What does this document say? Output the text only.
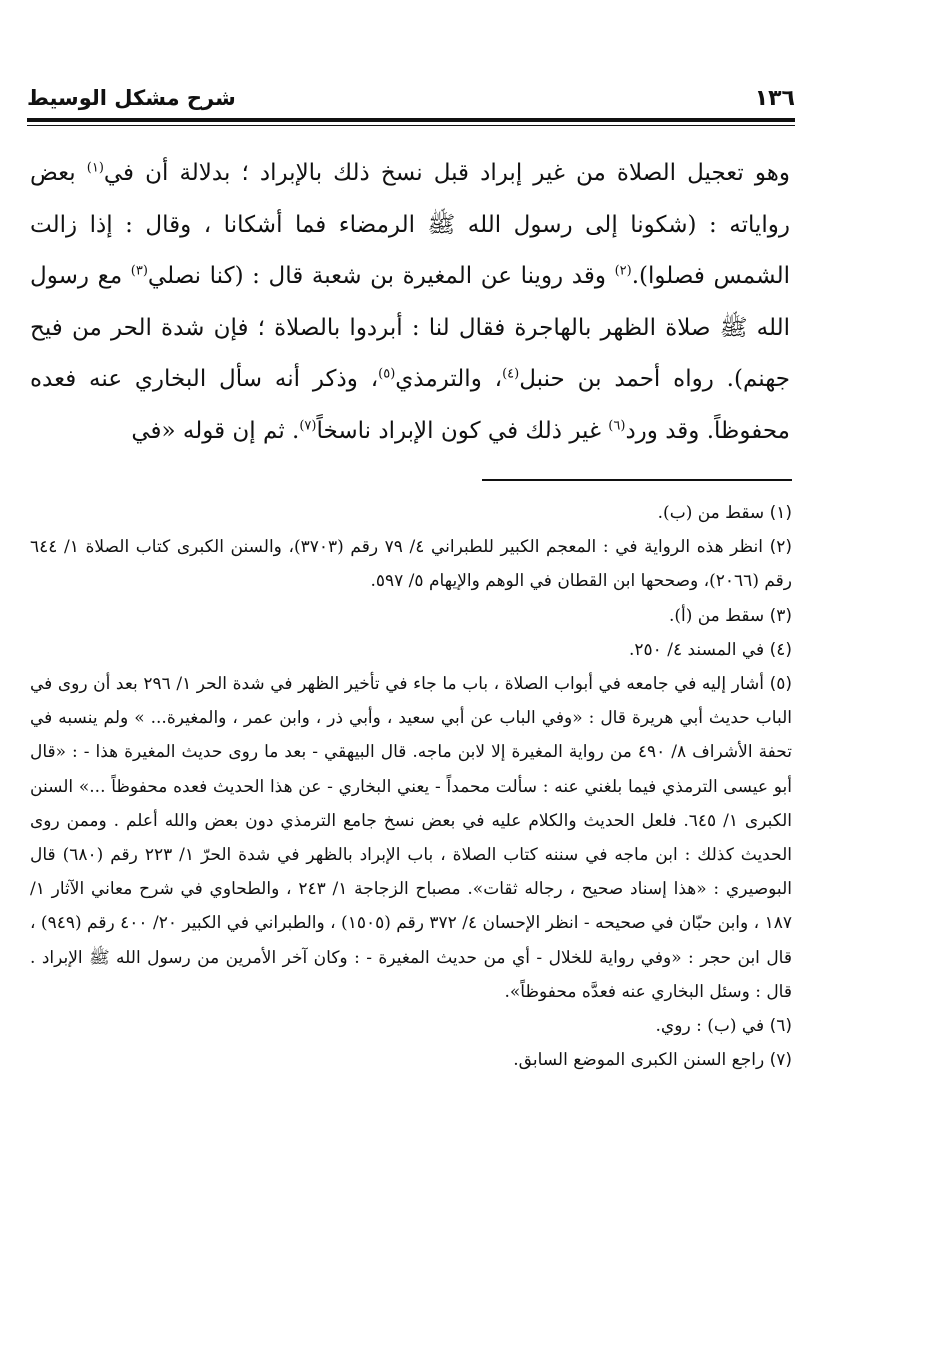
١٣٦
شرح مشكل الوسيط

وهو تعجيل الصلاة من غير إبراد قبل نسخ ذلك بالإبراد ؛ بدلالة أن في$^{(١)}$ بعض رواياته : (شكونا إلى رسول الله ﷺ الرمضاء فما أشكانا ، وقال : إذا زالت الشمس فصلوا).$^{(٢)}$ وقد روينا عن المغيرة بن شعبة قال : (كنا نصلي$^{(٣)}$ مع رسول الله ﷺ صلاة الظهر بالهاجرة فقال لنا : أبردوا بالصلاة ؛ فإن شدة الحر من فيح جهنم). رواه أحمد بن حنبل$^{(٤)}$، والترمذي$^{(٥)}$، وذكر أنه سأل البخاري عنه فعده محفوظاً. وقد ورد$^{(٦)}$ غير ذلك في كون الإبراد ناسخاً$^{(٧)}$. ثم إن قوله «في

(١) سقط من (ب).
(٢) انظر هذه الرواية في : المعجم الكبير للطبراني ٤/ ٧٩ رقم (٣٧٠٣)، والسنن الكبرى كتاب الصلاة ١/ ٦٤٤ رقم (٢٠٦٦)، وصححها ابن القطان في الوهم والإيهام ٥/ ٥٩٧.
(٣) سقط من (أ).
(٤) في المسند ٤/ ٢٥٠.
(٥) أشار إليه في جامعه في أبواب الصلاة ، باب ما جاء في تأخير الظهر في شدة الحر ١/ ٢٩٦ بعد أن روى في الباب حديث أبي هريرة قال : «وفي الباب عن أبي سعيد ، وأبي ذر ، وابن عمر ، والمغيرة... » ولم ينسبه في تحفة الأشراف ٨/ ٤٩٠ من رواية المغيرة إلا لابن ماجه. قال البيهقي - بعد ما روى حديث المغيرة هذا - : «قال أبو عيسى الترمذي فيما بلغني عنه : سألت محمداً - يعني البخاري - عن هذا الحديث فعده محفوظاً ...» السنن الكبرى ١/ ٦٤٥. فلعل الحديث والكلام عليه في بعض نسخ جامع الترمذي دون بعض والله أعلم . وممن روى الحديث كذلك : ابن ماجه في سننه كتاب الصلاة ، باب الإبراد بالظهر في شدة الحرّ ١/ ٢٢٣ رقم (٦٨٠) قال البوصيري : «هذا إسناد صحيح ، رجاله ثقات». مصباح الزجاجة ١/ ٢٤٣ ، والطحاوي في شرح معاني الآثار ١/ ١٨٧ ، وابن حبّان في صحيحه - انظر الإحسان ٤/ ٣٧٢ رقم (١٥٠٥) ، والطبراني في الكبير ٢٠/ ٤٠٠ رقم (٩٤٩) ، قال ابن حجر : «وفي رواية للخلال - أي من حديث المغيرة - : وكان آخر الأمرين من رسول الله ﷺ الإبراد . قال : وسئل البخاري عنه فعدَّه محفوظاً».
(٦) في (ب) : روي.
(٧) راجع السنن الكبرى الموضع السابق.
